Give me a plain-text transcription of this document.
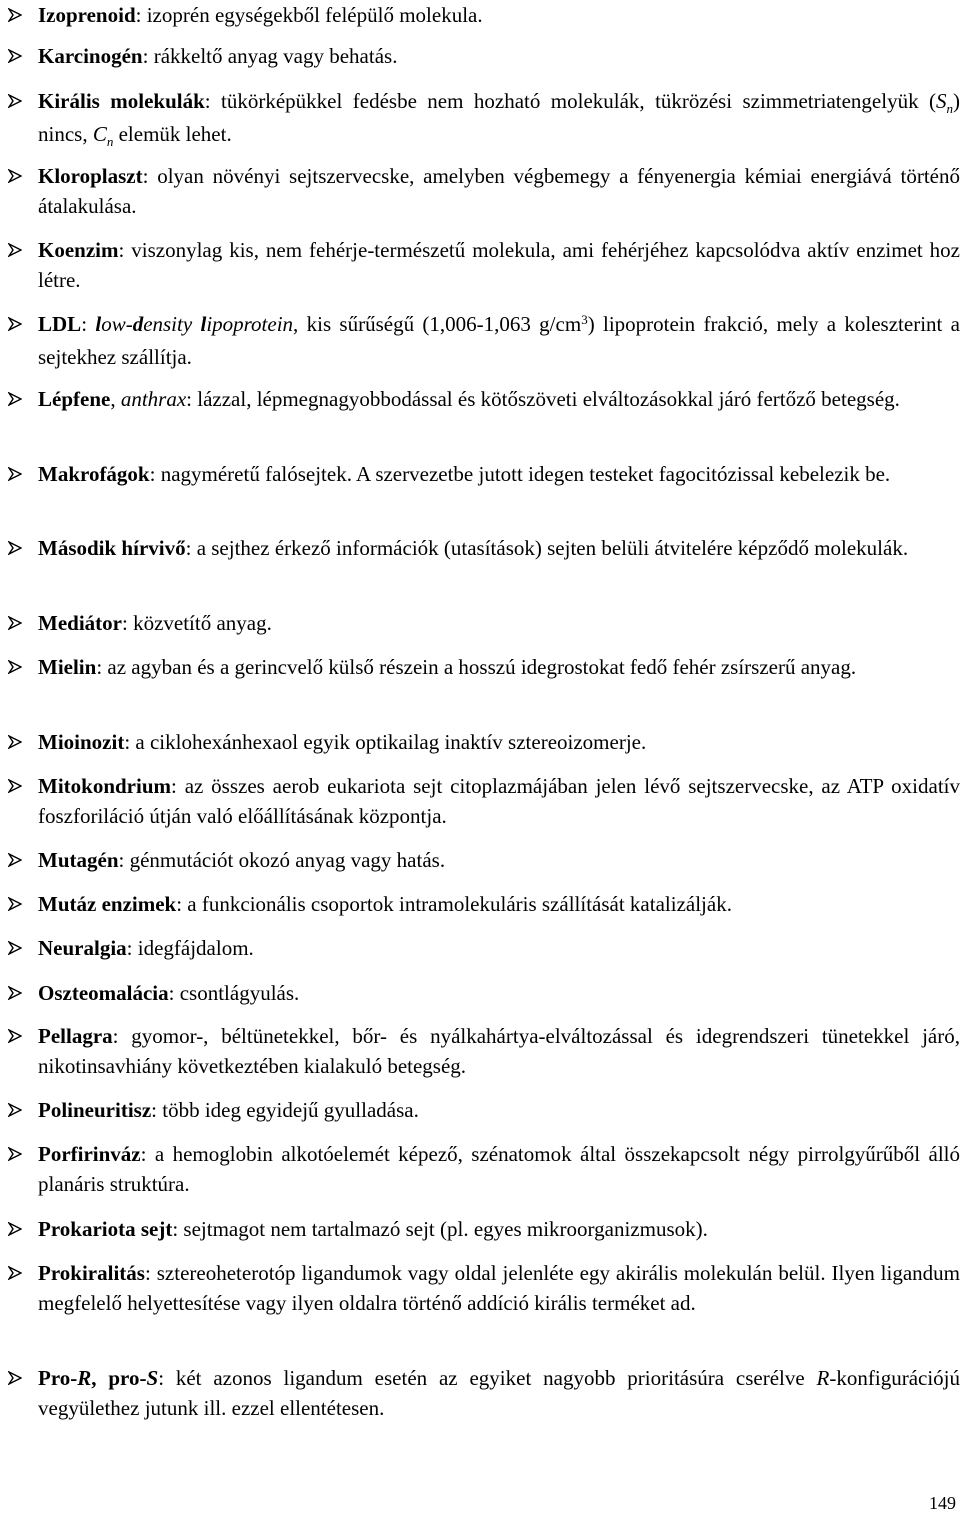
Izoprenoid: izoprén egységekből felépülő molekula.
Karcinogén: rákkeltő anyag vagy behatás.
Királis molekulák: tükörképükkel fedésbe nem hozható molekulák, tükrözési szimmetriatengelyük $(S_n)$ nincs, $C_n$ elemük lehet.
Kloroplaszt: olyan növényi sejtszervecske, amelyben végbemegy a fényenergia kémiai energiává történő átalakulása.
Koenzim: viszonylag kis, nem fehérje-természetű molekula, ami fehérjéhez kapcsolódva aktív enzimet hoz létre.
LDL: low-density lipoprotein, kis sűrűségű (1,006-1,063 $g/cm^3$) lipoprotein frakció, mely a koleszterint a sejtekhez szállítja.
Lépfene, anthrax: lázzal, lépmegnagyobbodással és kötőszöveti elváltozásokkal járó fertőző betegség.
Makrofágok: nagyméretű falósejtek. A szervezetbe jutott idegen testeket fagocitózissal kebelezik be.
Második hírvivő: a sejthez érkező információk (utasítások) sejten belüli átvitelére képződő molekulák.
Mediátor: közvetítő anyag.
Mielin: az agyban és a gerincvelő külső részein a hosszú idegrostokat fedő fehér zsírszerű anyag.
Mioinozit: a ciklohexánhexaol egyik optikailag inaktív sztereoizomerje.
Mitokondrium: az összes aerob eukariota sejt citoplazmájában jelen lévő sejtszervecske, az ATP oxidatív foszforiláció útján való előállításának központja.
Mutagén: génmutációt okozó anyag vagy hatás.
Mutáz enzimek: a funkcionális csoportok intramolekuláris szállítását katalizálják.
Neuralgia: idegfájdalom.
Oszteomalácia: csontlágyulás.
Pellagra: gyomor-, béltünetekkel, bőr- és nyálkahártya-elváltozással és idegrendszeri tünetekkel járó, nikotinsavhiány következtében kialakuló betegség.
Polineuritisz: több ideg egyidejű gyulladása.
Porfirinváz: a hemoglobin alkotóelemét képező, szénatomok által összekapcsolt négy pirrolgyűrűből álló planáris struktúra.
Prokariota sejt: sejtmagot nem tartalmazó sejt (pl. egyes mikroorganizmusok).
Prokiralitás: sztereoheterotóp ligandumok vagy oldal jelenléte egy akirális molekulán belül. Ilyen ligandum megfelelő helyettesítése vagy ilyen oldalra történő addíció királis terméket ad.
Pro-R, pro-S: két azonos ligandum esetén az egyiket nagyobb prioritásúra cserélve R-konfigurációjú vegyülethez jutunk ill. ezzel ellentétesen.
149
